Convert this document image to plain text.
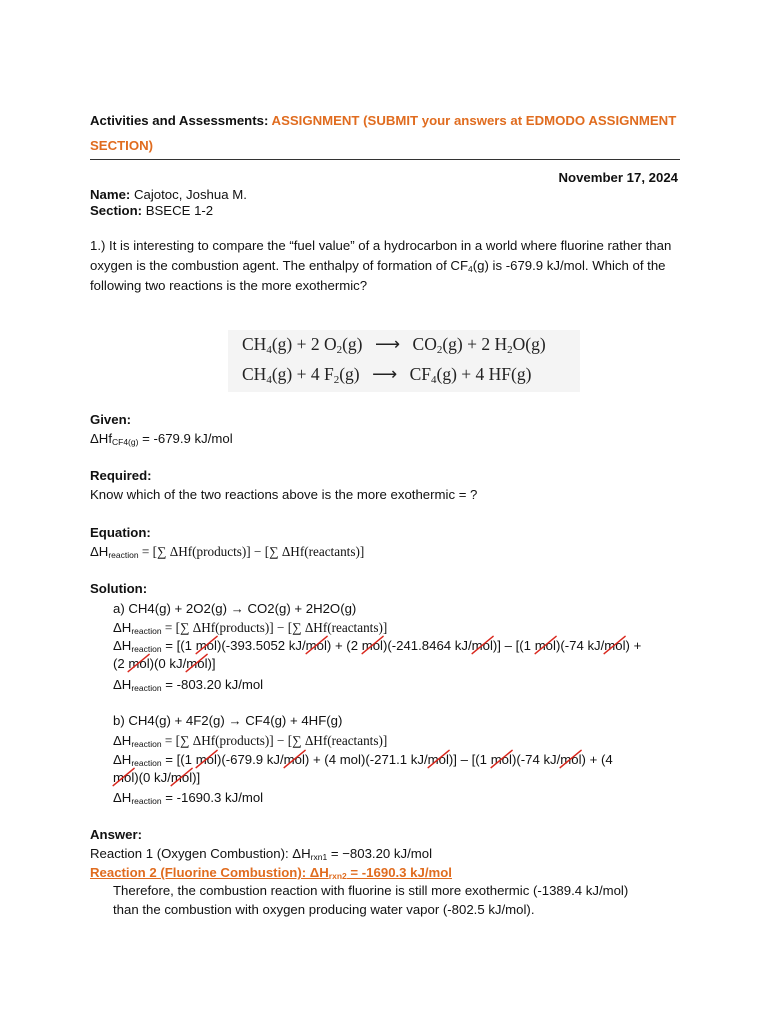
Activities and Assessments: ASSIGNMENT (SUBMIT your answers at EDMODO ASSIGNMENT SECTION)
November 17, 2024
Name: Cajotoc, Joshua M.
Section: BSECE 1-2
1.) It is interesting to compare the “fuel value” of a hydrocarbon in a world where fluorine rather than oxygen is the combustion agent. The enthalpy of formation of $CF_4(g)$ is -679.9 kJ/mol. Which of the following two reactions is the more exothermic?
$CH_4(g) + 2$ $O_2(g)$ ⟶ $CO_2(g) + 2$ $H_2O(g)$
$CH_4(g) + 4$ $F_2(g)$ ⟶ $CF_4(g) + 4$ HF(g)
Given:
ΔHf$_{CF4(g)}$ = -679.9 kJ/mol
Required:
Know which of the two reactions above is the more exothermic = ?
Equation:
$\Delta H_{reaction}$ = [∑ ΔHf(products)] − [∑ ΔHf(reactants)]
Solution:
a) CH4(g) + 2O2(g) → CO2(g) + 2H2O(g)
$\Delta H_{reaction}$ = [∑ ΔHf(products)] − [∑ ΔHf(reactants)]
$\Delta H_{reaction} = [(1$ mol
)(-393.5052 kJ/mol
) + (2 mol
)(-241.8464 kJ/mol
)] – [(1 mol
)(-74 kJ/mol
) +
(2 mol
)(0 kJ/mol
)]
$\Delta H_{reaction} = -803.20$ kJ/mol
b) CH4(g) + 4F2(g) → CF4(g) + 4HF(g)
$\Delta H_{reaction}$ = [∑ ΔHf(products)] − [∑ ΔHf(reactants)]
$\Delta H_{reaction} = [(1$ mol
)(-679.9 kJ/mol
) + (4 mol)(-271.1 kJ/mol
)] – [(1 mol
)(-74 kJ/mol
) + (4
mol
)(0 kJ/mol
)]
$\Delta H_{reaction} = -1690.3$ kJ/mol
Answer:
Reaction 1 (Oxygen Combustion): $\Delta H_{rxn1} = -803.20$ kJ/mol
Reaction 2 (Fluorine Combustion): $\Delta H_{rxn2} = -1690.3$ kJ/mol
Therefore, the combustion reaction with fluorine is still more exothermic (-1389.4 kJ/mol)
than the combustion with oxygen producing water vapor (-802.5 kJ/mol).
